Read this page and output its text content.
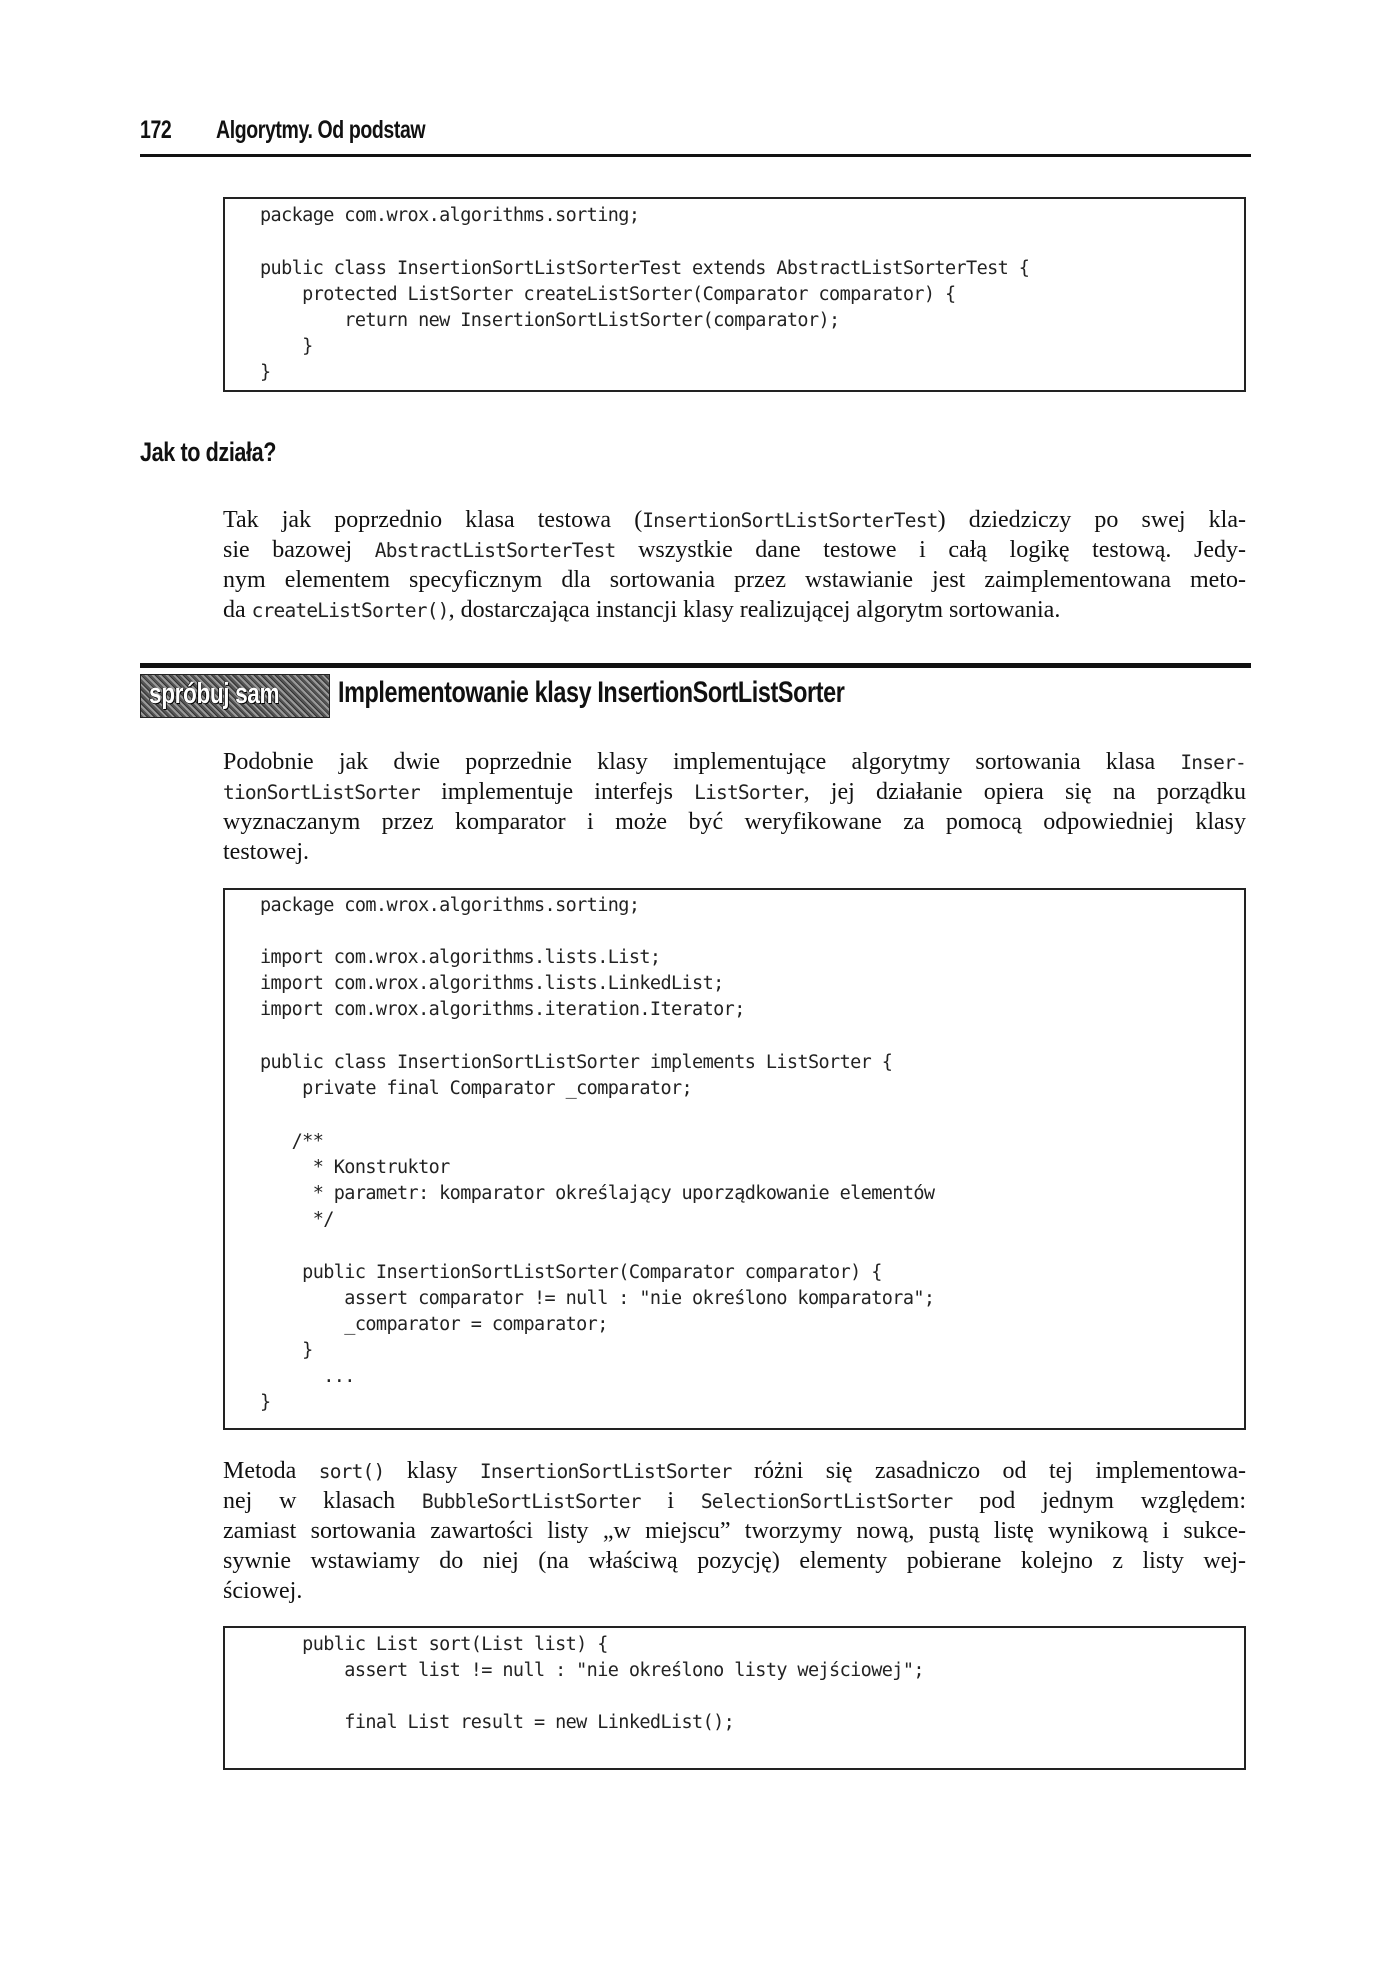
172 Algorytmy. Od podstaw
package com.wrox.algorithms.sorting;
public class InsertionSortListSorterTest extends AbstractListSorterTest {
protected ListSorter createListSorter(Comparator comparator) {
return new InsertionSortListSorter(comparator);
}
}
Jak to działa?
Tak jak poprzednio klasa testowa (InsertionSortListSorterTest) dziedziczy po swej kla-
sie bazowej AbstractListSorterTest wszystkie dane testowe i całą logikę testową. Jedy-
nym elementem specyficznym dla sortowania przez wstawianie jest zaimplementowana meto-
da createListSorter(), dostarczająca instancji klasy realizującej algorytm sortowania.
spróbuj sam Implementowanie klasy InsertionSortListSorter
Podobnie jak dwie poprzednie klasy implementujące algorytmy sortowania klasa Inser-
tionSortListSorter implementuje interfejs ListSorter, jej działanie opiera się na porządku
wyznaczanym przez komparator i może być weryfikowane za pomocą odpowiedniej klasy
testowej.
package com.wrox.algorithms.sorting;
import com.wrox.algorithms.lists.List;
import com.wrox.algorithms.lists.LinkedList;
import com.wrox.algorithms.iteration.Iterator;
public class InsertionSortListSorter implements ListSorter {
private final Comparator _comparator;
/**
* Konstruktor
* parametr: komparator określający uporządkowanie elementów
*/
public InsertionSortListSorter(Comparator comparator) {
assert comparator != null : "nie określono komparatora";
_comparator = comparator;
}
...
}
Metoda sort() klasy InsertionSortListSorter różni się zasadniczo od tej implementowa-
nej w klasach BubbleSortListSorter i SelectionSortListSorter pod jednym względem:
zamiast sortowania zawartości listy „w miejscu” tworzymy nową, pustą listę wynikową i sukce-
sywnie wstawiamy do niej (na właściwą pozycję) elementy pobierane kolejno z listy wej-
ściowej.
public List sort(List list) {
assert list != null : "nie określono listy wejściowej";
final List result = new LinkedList();
